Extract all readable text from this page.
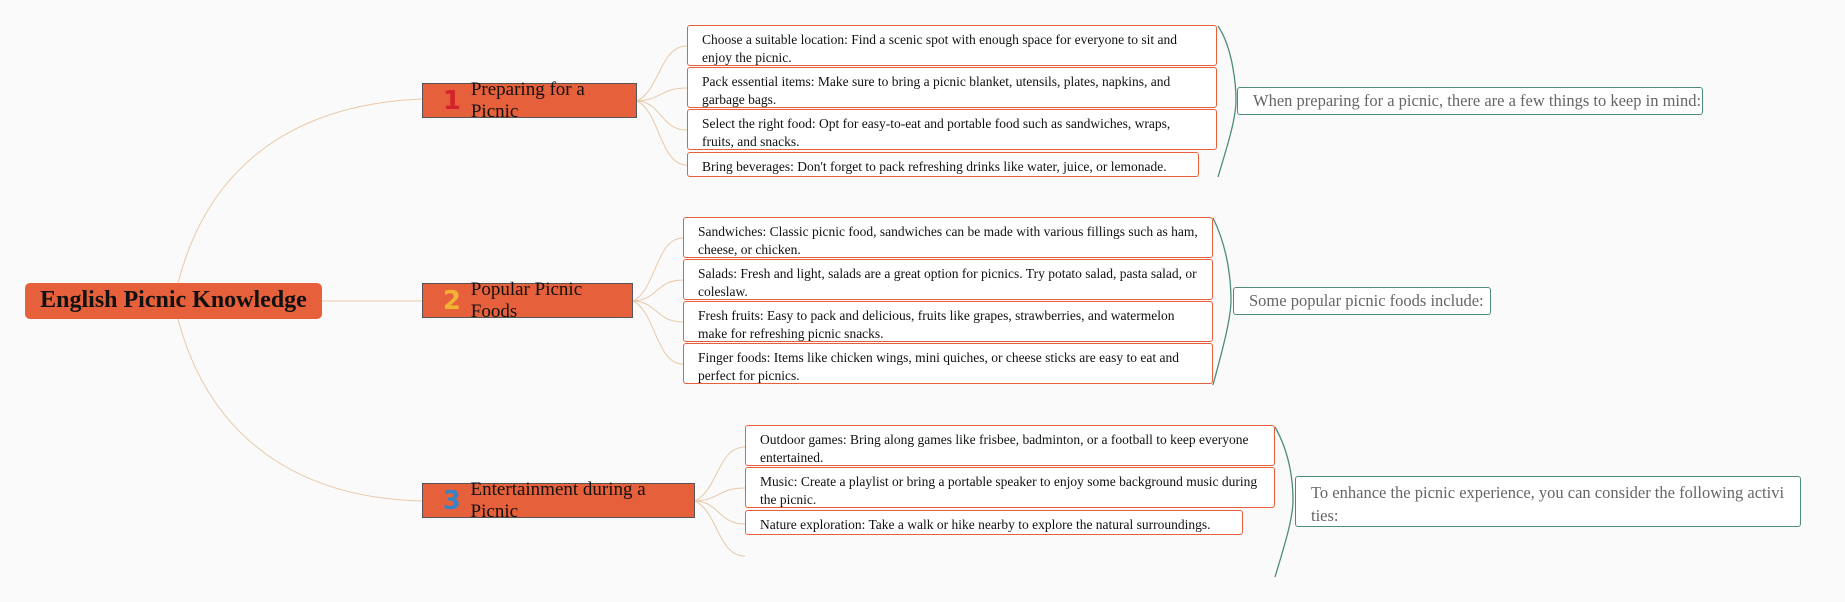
English Picnic Knowledge
1 Preparing for a Picnic
Choose a suitable location: Find a scenic spot with enough space for everyone to sit and enjoy the picnic.
Pack essential items: Make sure to bring a picnic blanket, utensils, plates, napkins, and garbage bags.
Select the right food: Opt for easy-to-eat and portable food such as sandwiches, wraps, fruits, and snacks.
Bring beverages: Don't forget to pack refreshing drinks like water, juice, or lemonade.
When preparing for a picnic, there are a few things to keep in mind:
2 Popular Picnic Foods
Sandwiches: Classic picnic food, sandwiches can be made with various fillings such as ham, cheese, or chicken.
Salads: Fresh and light, salads are a great option for picnics. Try potato salad, pasta salad, or coleslaw.
Fresh fruits: Easy to pack and delicious, fruits like grapes, strawberries, and watermelon make for refreshing picnic snacks.
Finger foods: Items like chicken wings, mini quiches, or cheese sticks are easy to eat and perfect for picnics.
Some popular picnic foods include:
3 Entertainment during a Picnic
Outdoor games: Bring along games like frisbee, badminton, or a football to keep everyone entertained.
Music: Create a playlist or bring a portable speaker to enjoy some background music during the picnic.
Nature exploration: Take a walk or hike nearby to explore the natural surroundings.
To enhance the picnic experience, you can consider the following activities:
